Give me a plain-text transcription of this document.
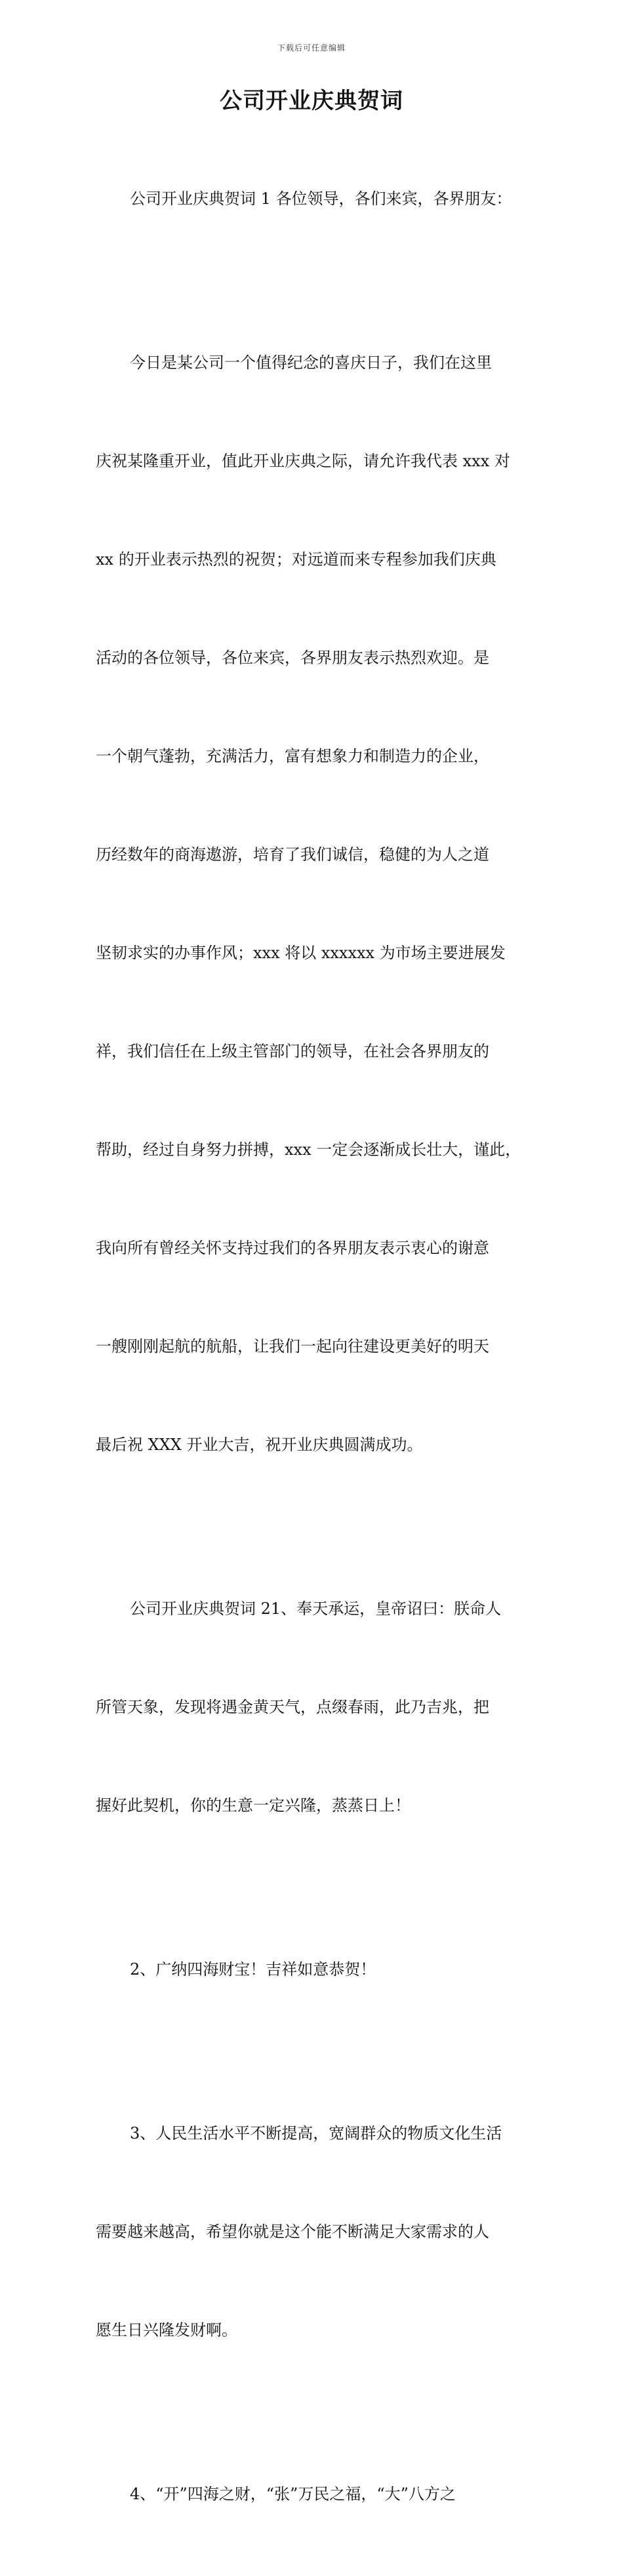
下载后可任意编辑
公司开业庆典贺词

公司开业庆典贺词 1 各位领导，各们来宾，各界朋友：

今日是某公司一个值得纪念的喜庆日子，我们在这里

庆祝某隆重开业，值此开业庆典之际，请允许我代表 xxx 对

xx 的开业表示热烈的祝贺；对远道而来专程参加我们庆典

活动的各位领导，各位来宾，各界朋友表示热烈欢迎。是

一个朝气蓬勃，充满活力，富有想象力和制造力的企业，

历经数年的商海遨游，培育了我们诚信，稳健的为人之道

坚韧求实的办事作风；xxx 将以 xxxxxx 为市场主要进展发

祥，我们信任在上级主管部门的领导，在社会各界朋友的

帮助，经过自身努力拼搏，xxx 一定会逐渐成长壮大，谨此，

我向所有曾经关怀支持过我们的各界朋友表示衷心的谢意

一艘刚刚起航的航船，让我们一起向往建设更美好的明天

最后祝 XXX 开业大吉，祝开业庆典圆满成功。

公司开业庆典贺词 21、奉天承运，皇帝诏曰：朕命人

所管天象，发现将遇金黄天气，点缀春雨，此乃吉兆，把

握好此契机，你的生意一定兴隆，蒸蒸日上！

2、广纳四海财宝！吉祥如意恭贺！

3、人民生活水平不断提高，宽阔群众的物质文化生活

需要越来越高，希望你就是这个能不断满足大家需求的人

愿生日兴隆发财啊。

4、“开”四海之财，“张”万民之福，“大”八方之
